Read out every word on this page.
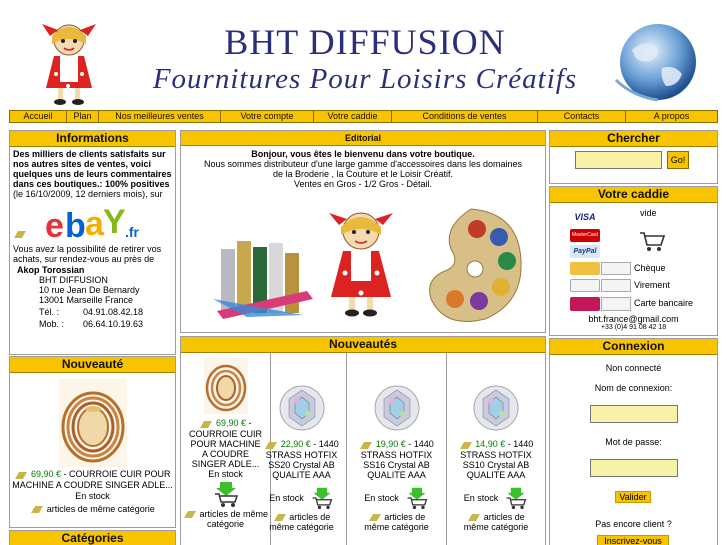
BHT DIFFUSION
Fournitures Pour Loisirs Créatifs
Accueil	Plan	Nos meilleures ventes	Votre compte	Votre caddie	Conditions de ventes	Contacts	A propos
Informations
Des milliers de clients satisfaits sur nos autres sites de ventes, voici quelques uns de leurs commentaires dans ces boutiques.: 100% positives (le 16/10/2009, 12 derniers mois), sur
e b a Y .fr
Vous avez la possibilité de retirer vos achats, sur rendez-vous au près de
Akop Torossian
BHT DIFFUSION
10 rue Jean De Bernardy
13001 Marseille France
Tél. :	04.91.08.42.18
Mob. :	06.64.10.19.63
Nouveauté
69,90 € - COURROIE CUIR POUR MACHINE A COUDRE SINGER ADLE...
En stock
articles de même catégorie
Catégories
Editorial
Bonjour, vous êtes le bienvenu dans votre boutique.
Nous sommes distributeur d'une large gamme d'accessoires dans les domaines
de la Broderie , la Couture et le Loisir Créatif.
Ventes en Gros - 1/2 Gros - Détail.
Nouveautés
69,90 € -
COURROIE CUIR POUR MACHINE A COUDRE SINGER ADLE...
En stock
articles de même catégorie
22,90 € - 1440
STRASS HOTFIX SS20 Crystal AB QUALITE AAA
En stock
articles de même catégorie
19,90 € - 1440
STRASS HOTFIX SS16 Crystal AB QUALITE AAA
En stock
articles de même catégorie
14,90 € - 1440
STRASS HOTFIX SS10 Crystal AB QUALITE AAA
En stock
articles de même catégorie
Chercher
Go!
Votre caddie
vide
VISA
MasterCard
PayPal
Chèque
Virement
Carte bancaire
bht.france@gmail.com
+33 (0)4 91 08 42 18
Connexion
Non connecté
Nom de connexion:
Mot de passe:
Valider
Pas encore client ?
Inscrivez-vous
